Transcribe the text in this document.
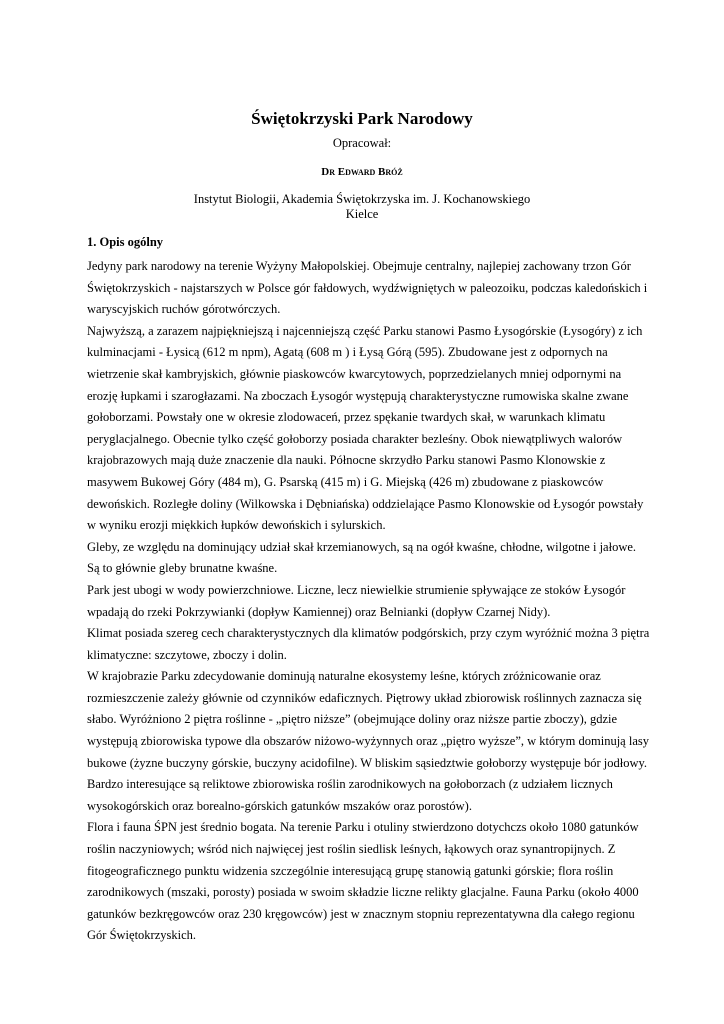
Świętokrzyski Park Narodowy
Opracował:
Dr Edward Bróż
Instytut Biologii, Akademia Świętokrzyska im. J. Kochanowskiego
Kielce
1. Opis ogólny
Jedyny park narodowy na terenie Wyżyny Małopolskiej. Obejmuje centralny, najlepiej zachowany trzon Gór
Świętokrzyskich - najstarszych w Polsce gór fałdowych, wydźwigniętych w paleozoiku, podczas kaledońskich i
waryscyjskich ruchów górotwórczych.
Najwyższą, a zarazem najpiękniejszą i najcenniejszą część Parku stanowi Pasmo Łysogórskie (Łysogóry) z ich
kulminacjami - Łysicą (612 m npm), Agatą (608 m ) i Łysą Górą (595). Zbudowane jest z odpornych na
wietrzenie skał kambryjskich, głównie piaskowców kwarcytowych, poprzedzielanych mniej odpornymi na
erozję łupkami i szarogłazami. Na zboczach Łysogór występują charakterystyczne rumowiska skalne zwane
gołoborzami. Powstały one w okresie zlodowaceń, przez spękanie twardych skał, w warunkach klimatu
peryglacjalnego. Obecnie tylko część gołoborzy posiada charakter bezleśny. Obok niewątpliwych walorów
krajobrazowych mają duże znaczenie dla nauki. Północne skrzydło Parku stanowi Pasmo Klonowskie z
masywem Bukowej Góry (484 m), G. Psarską (415 m) i G. Miejską (426 m) zbudowane z piaskowców
dewońskich. Rozległe doliny (Wilkowska i Dębniańska) oddzielające Pasmo Klonowskie od Łysogór powstały
w wyniku erozji miękkich łupków dewońskich i sylurskich.
Gleby, ze względu na dominujący udział skał krzemianowych, są na ogół kwaśne, chłodne, wilgotne i jałowe.
Są to głównie gleby brunatne kwaśne.
Park jest ubogi w wody powierzchniowe. Liczne, lecz niewielkie strumienie spływające ze stoków Łysogór
wpadają do rzeki Pokrzywianki (dopływ Kamiennej) oraz Belnianki (dopływ Czarnej Nidy).
Klimat posiada szereg cech charakterystycznych dla klimatów podgórskich, przy czym wyróżnić można 3 piętra
klimatyczne: szczytowe, zboczy i dolin.
W krajobrazie Parku zdecydowanie dominują naturalne ekosystemy leśne, których zróżnicowanie oraz
rozmieszczenie zależy głównie od czynników edaficznych. Piętrowy układ zbiorowisk roślinnych zaznacza się
słabo. Wyróżniono 2 piętra roślinne - „piętro niższe” (obejmujące doliny oraz niższe partie zboczy), gdzie
występują zbiorowiska typowe dla obszarów niżowo-wyżynnych oraz „piętro wyższe”, w którym dominują lasy
bukowe (żyzne buczyny górskie, buczyny acidofilne). W bliskim sąsiedztwie gołoborzy występuje bór jodłowy.
Bardzo interesujące są reliktowe zbiorowiska roślin zarodnikowych na gołoborzach (z udziałem licznych
wysokogórskich oraz borealno-górskich gatunków mszaków oraz porostów).
Flora i fauna ŚPN jest średnio bogata. Na terenie Parku i otuliny stwierdzono dotychczs około 1080 gatunków
roślin naczyniowych; wśród nich najwięcej jest roślin siedlisk leśnych, łąkowych oraz synantropijnych. Z
fitogeograficznego punktu widzenia szczególnie interesującą grupę stanowią gatunki górskie; flora roślin
zarodnikowych (mszaki, porosty) posiada w swoim składzie liczne relikty glacjalne. Fauna Parku (około 4000
gatunków bezkręgowców oraz 230 kręgowców) jest w znacznym stopniu reprezentatywna dla całego regionu
Gór Świętokrzyskich.
